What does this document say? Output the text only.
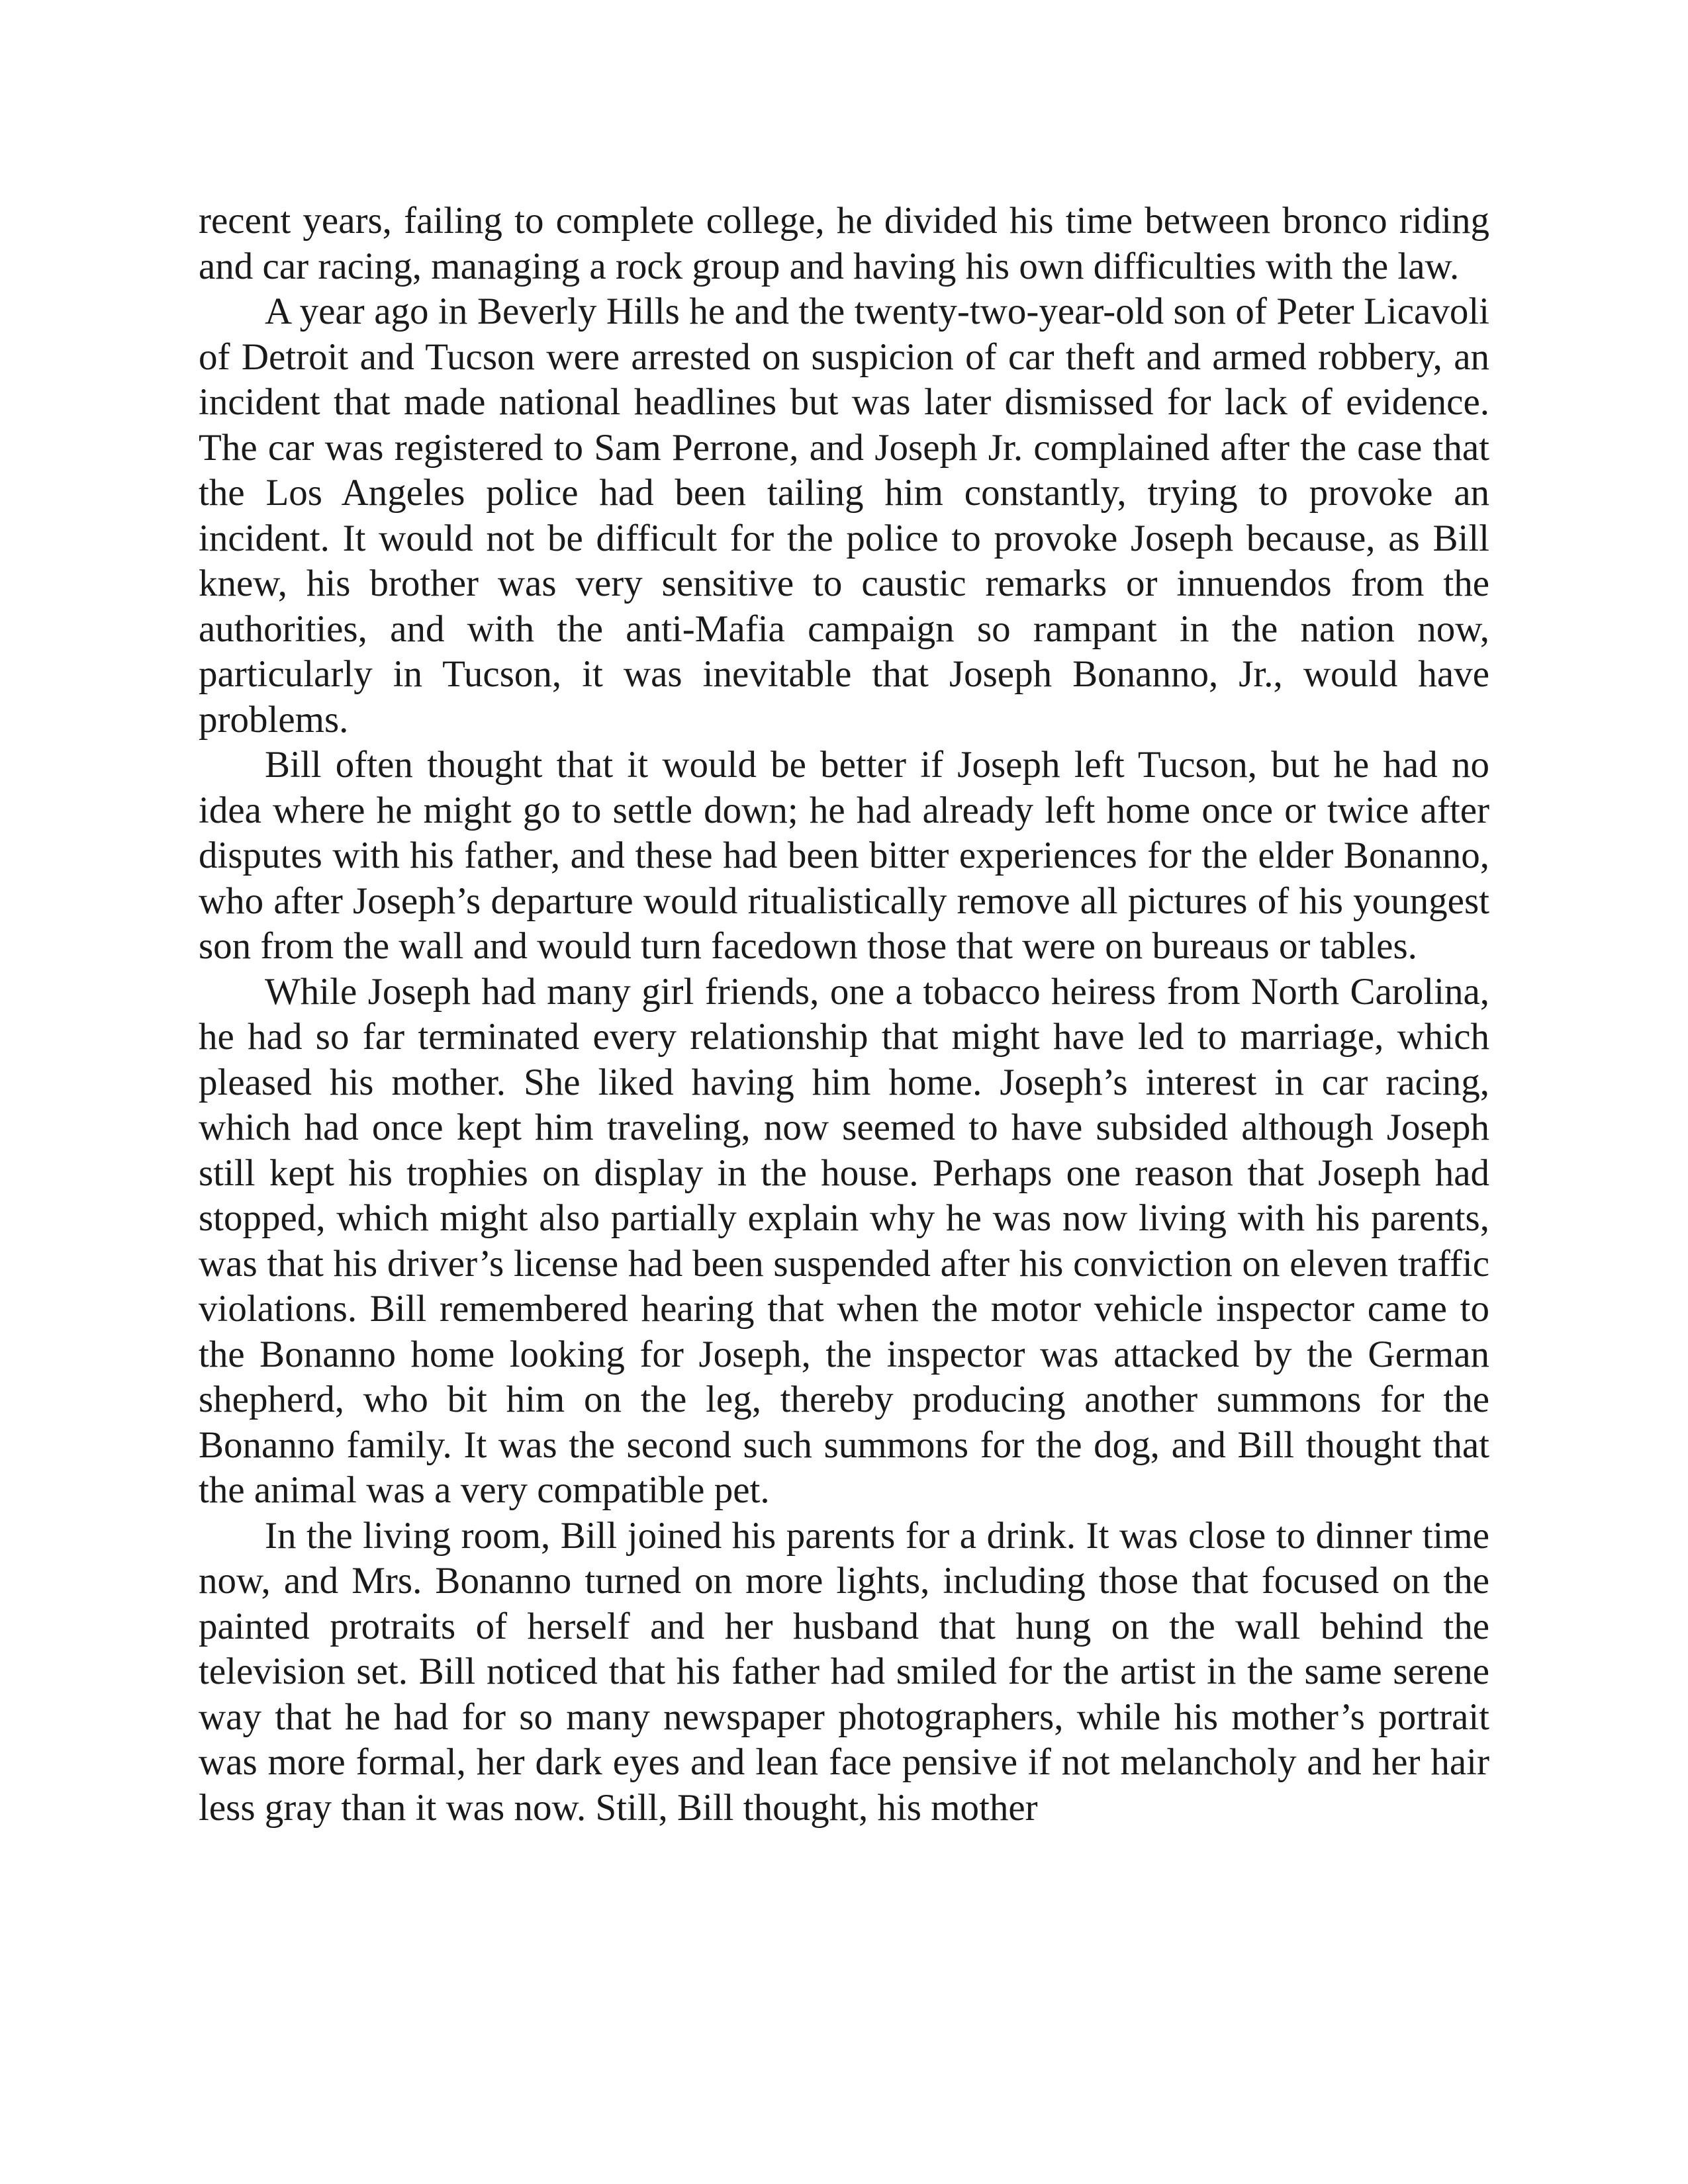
recent years, failing to complete college, he divided his time between bronco riding and car racing, managing a rock group and having his own difficulties with the law.

A year ago in Beverly Hills he and the twenty-two-year-old son of Peter Licavoli of Detroit and Tucson were arrested on suspicion of car theft and armed robbery, an incident that made national headlines but was later dismissed for lack of evidence. The car was registered to Sam Perrone, and Joseph Jr. complained after the case that the Los Angeles police had been tailing him constantly, trying to provoke an incident. It would not be difficult for the police to provoke Joseph because, as Bill knew, his brother was very sensitive to caustic remarks or innuendos from the authorities, and with the anti-Mafia campaign so rampant in the nation now, particularly in Tucson, it was inevitable that Joseph Bonanno, Jr., would have problems.

Bill often thought that it would be better if Joseph left Tucson, but he had no idea where he might go to settle down; he had already left home once or twice after disputes with his father, and these had been bitter experiences for the elder Bonanno, who after Joseph’s departure would ritualistically remove all pictures of his youngest son from the wall and would turn facedown those that were on bureaus or tables.

While Joseph had many girl friends, one a tobacco heiress from North Carolina, he had so far terminated every relationship that might have led to marriage, which pleased his mother. She liked having him home. Joseph’s interest in car racing, which had once kept him traveling, now seemed to have subsided although Joseph still kept his trophies on display in the house. Perhaps one reason that Joseph had stopped, which might also partially explain why he was now living with his parents, was that his driver’s license had been suspended after his conviction on eleven traffic violations. Bill remembered hearing that when the motor vehicle inspector came to the Bonanno home looking for Joseph, the inspector was attacked by the German shepherd, who bit him on the leg, thereby producing another summons for the Bonanno family. It was the second such summons for the dog, and Bill thought that the animal was a very compatible pet.

In the living room, Bill joined his parents for a drink. It was close to dinner time now, and Mrs. Bonanno turned on more lights, including those that focused on the painted protraits of herself and her husband that hung on the wall behind the television set. Bill noticed that his father had smiled for the artist in the same serene way that he had for so many newspaper photographers, while his mother’s portrait was more formal, her dark eyes and lean face pensive if not melancholy and her hair less gray than it was now. Still, Bill thought, his mother
